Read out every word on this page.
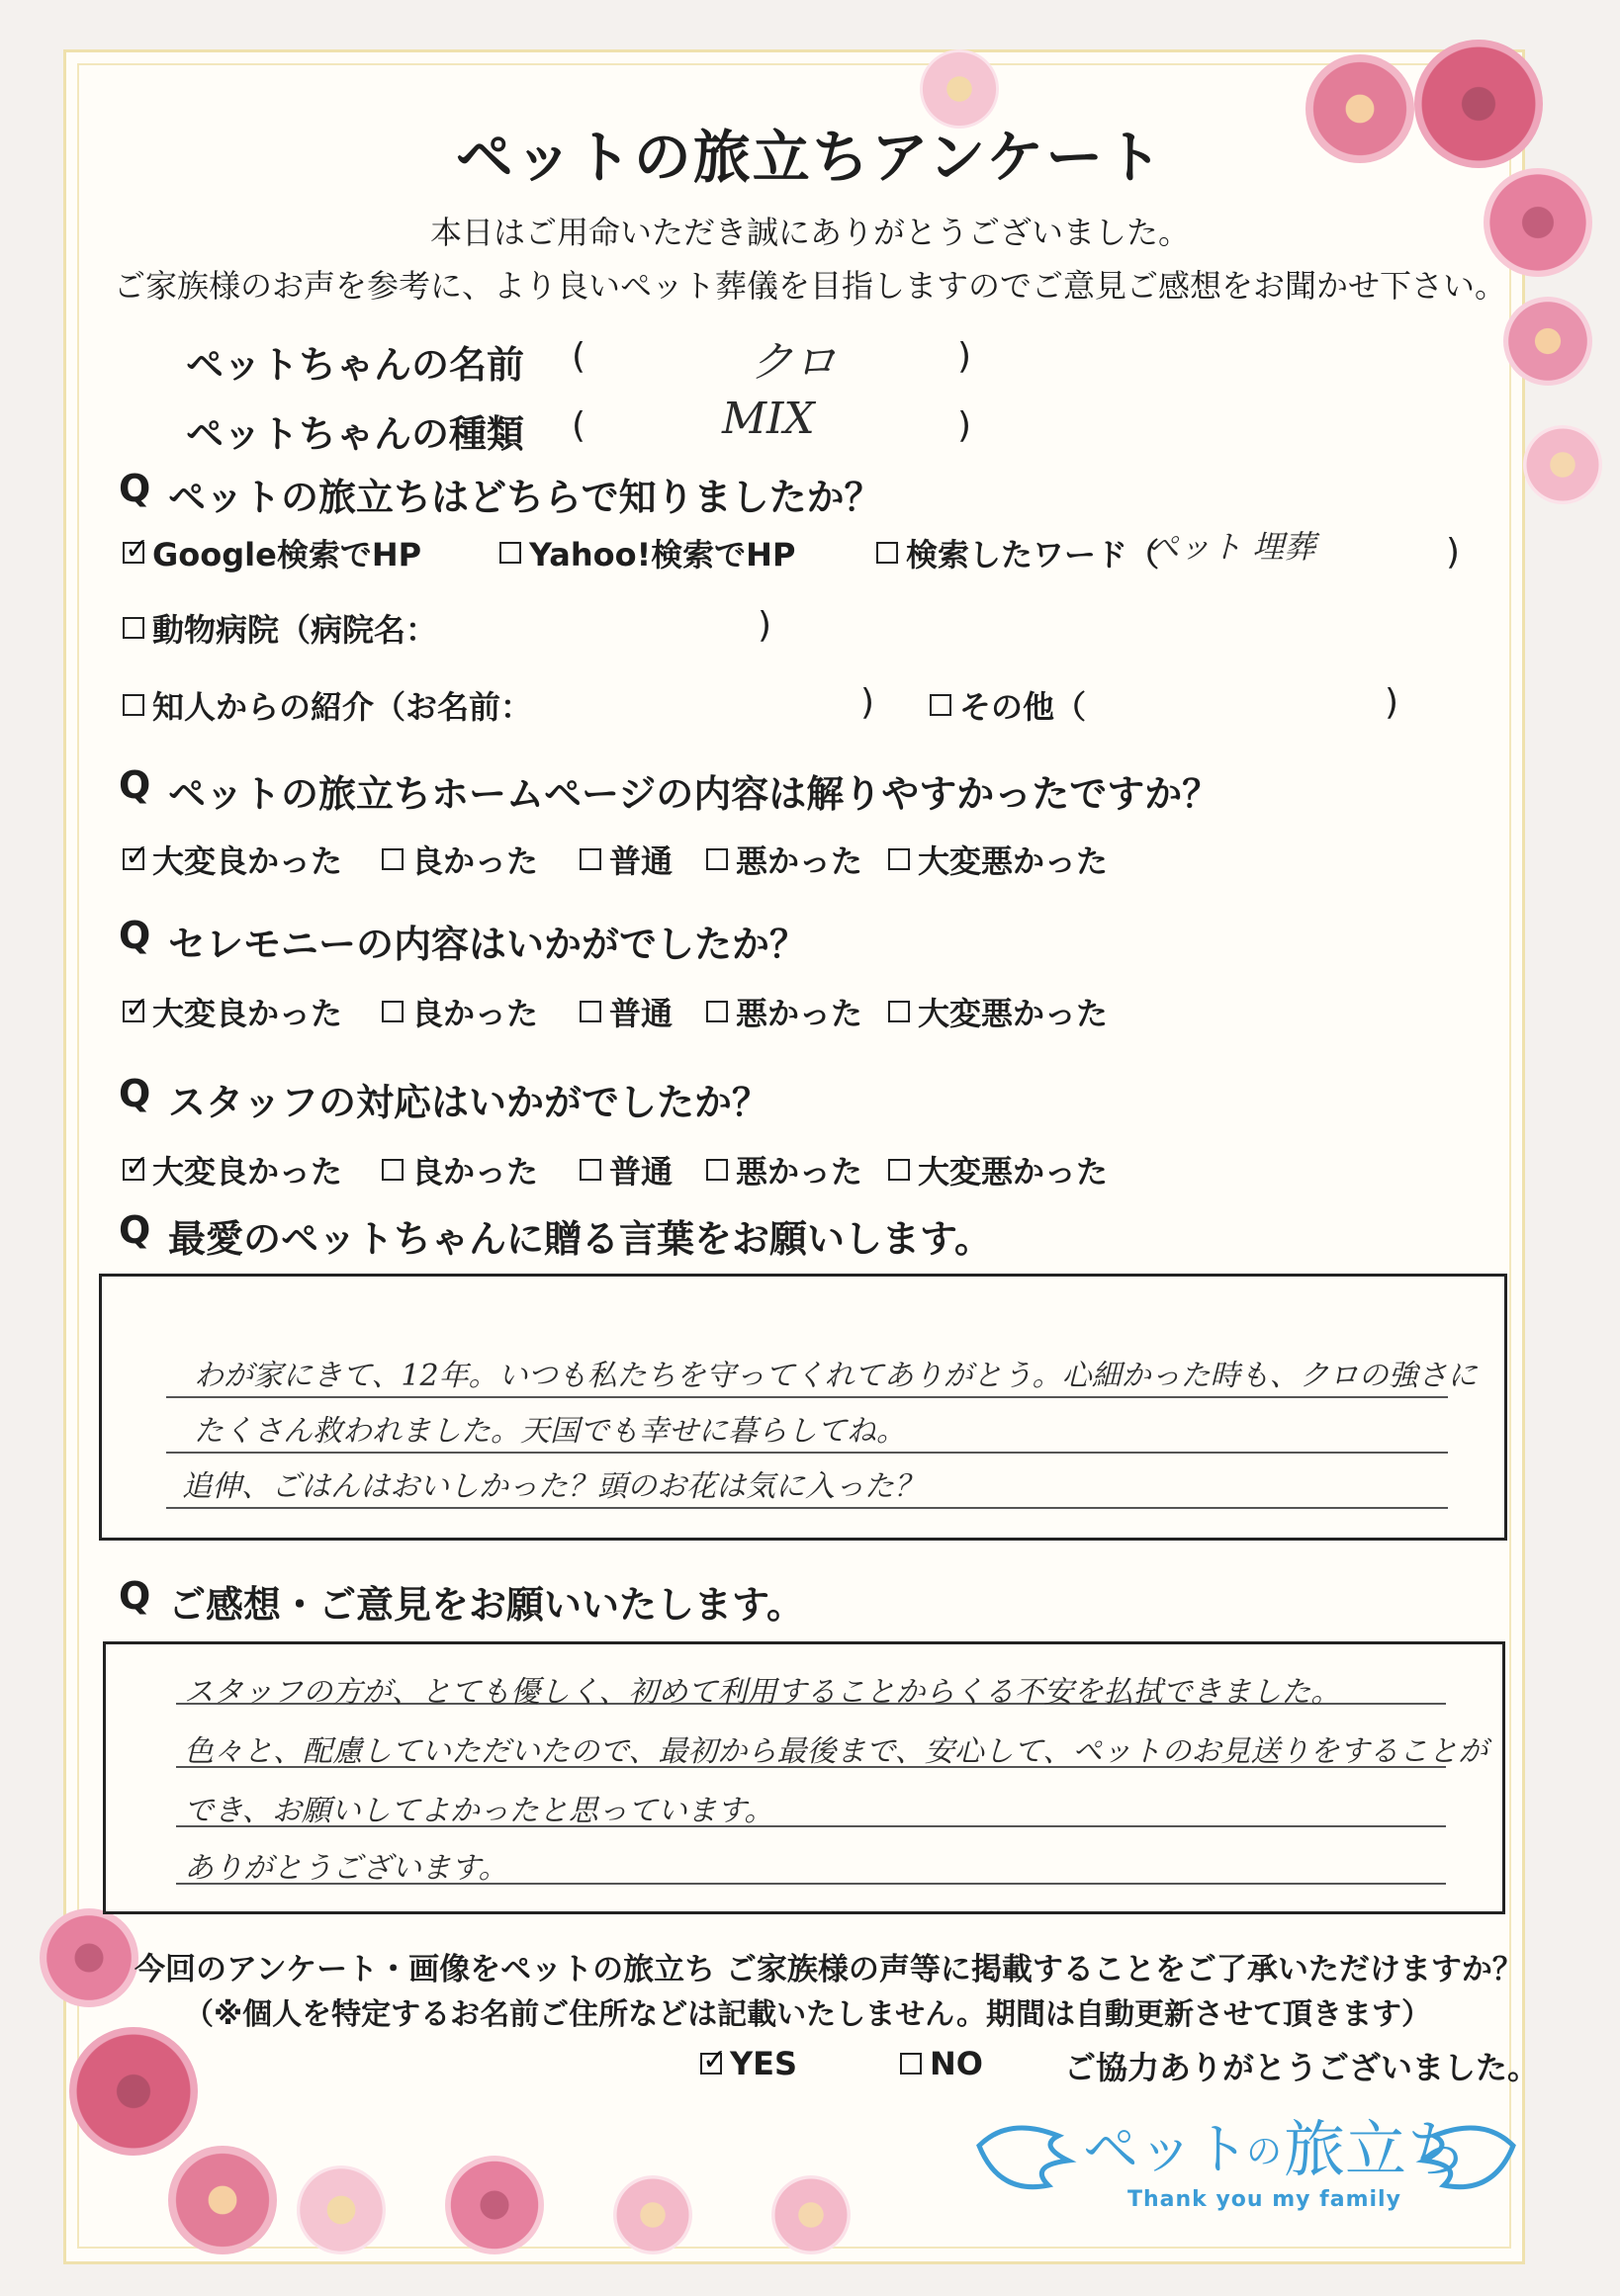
ペットの旅立ちアンケート
本日はご用命いただき誠にありがとうございました。
ご家族様のお声を参考に、より良いペット葬儀を目指しますのでご意見ご感想をお聞かせ下さい。
ペットちゃんの名前 (	クロ	)
ペットちゃんの種類 (	MIX	)
Q ペットの旅立ちはどちらで知りましたか？
✓
Google検索でHP	Yahoo!検索でHP	検索したワード（
ペット 埋葬	)
動物病院（病院名：	)
知人からの紹介（お名前：	)	その他（	)
Q ペットの旅立ちホームページの内容は解りやすかったですか？
✓
大変良かった 良かった 普通 悪かった 大変悪かった
Q セレモニーの内容はいかがでしたか？
✓
大変良かった 良かった 普通 悪かった 大変悪かった
Q スタッフの対応はいかがでしたか？
✓
大変良かった 良かった 普通 悪かった 大変悪かった
Q 最愛のペットちゃんに贈る言葉をお願いします。
わが家にきて、12年。いつも私たちを守ってくれてありがとう。心細かった時も、クロの強さに
たくさん救われました。天国でも幸せに暮らしてね。
追伸、ごはんはおいしかった？頭のお花は気に入った？
Q ご感想・ご意見をお願いいたします。
スタッフの方が、とても優しく、初めて利用することからくる不安を払拭できました。
色々と、配慮していただいたので、最初から最後まで、安心して、ペットのお見送りをすることが
でき、お願いしてよかったと思っています。
ありがとうございます。
今回のアンケート・画像をペットの旅立ち ご家族様の声等に掲載することをご了承いただけますか？
（※個人を特定するお名前ご住所などは記載いたしません。期間は自動更新させて頂きます）
✓
YES	NO	ご協力ありがとうございました。
ペット
の 旅立ち
Thank you my family
